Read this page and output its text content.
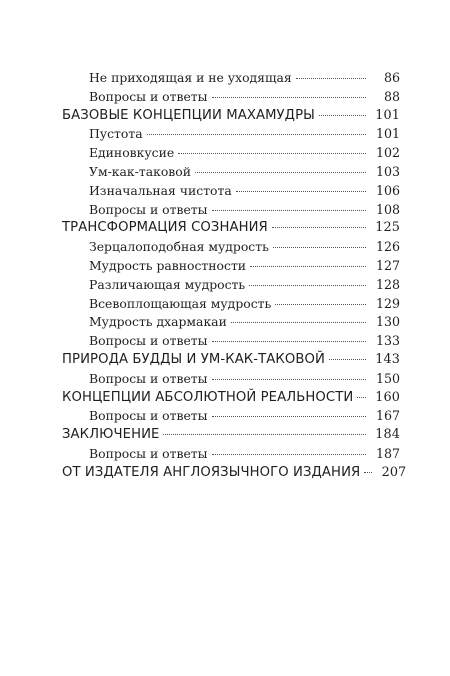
Не приходящая и не уходящая	86
Вопросы и ответы	88
БАЗОВЫЕ КОНЦЕПЦИИ МАХАМУДРЫ	101
Пустота	101
Единовкусие	102
Ум-как-таковой	103
Изначальная чистота	106
Вопросы и ответы	108
ТРАНСФОРМАЦИЯ СОЗНАНИЯ	125
Зерцалоподобная мудрость	126
Мудрость равностности	127
Различающая мудрость	128
Всевоплощающая мудрость	129
Мудрость дхармакаи	130
Вопросы и ответы	133
ПРИРОДА БУДДЫ И УМ-КАК-ТАКОВОЙ	143
Вопросы и ответы	150
КОНЦЕПЦИИ АБСОЛЮТНОЙ РЕАЛЬНОСТИ	160
Вопросы и ответы	167
ЗАКЛЮЧЕНИЕ	184
Вопросы и ответы	187
ОТ ИЗДАТЕЛЯ АНГЛОЯЗЫЧНОГО ИЗДАНИЯ	207
